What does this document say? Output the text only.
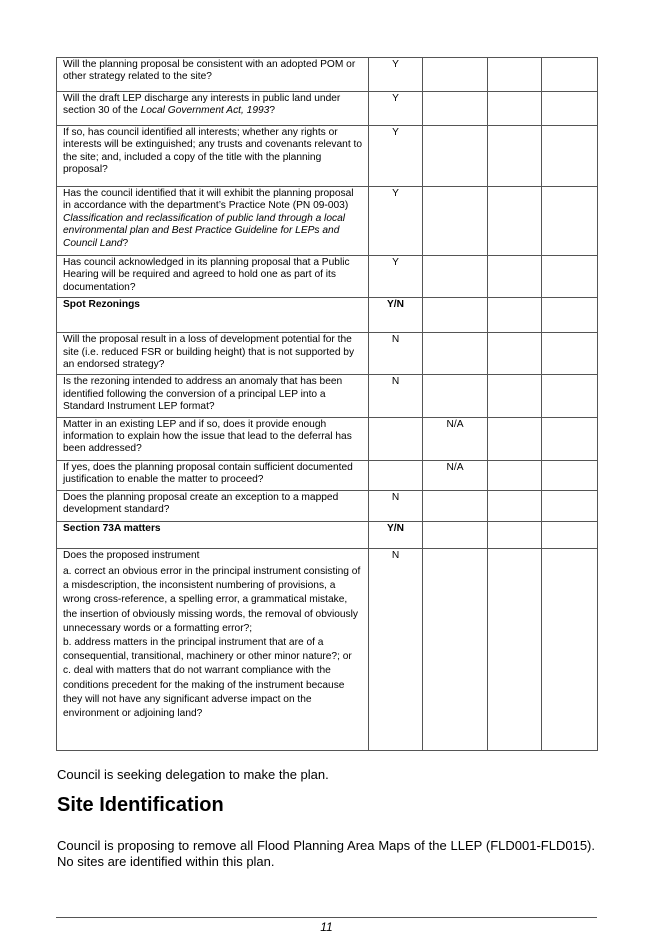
Will the planning proposal be consistent with an adopted POM or other strategy related to the site?	Y			
Will the draft LEP discharge any interests in public land under section 30 of the Local Government Act, 1993?	Y			
If so, has council identified all interests; whether any rights or interests will be extinguished; any trusts and covenants relevant to the site; and, included a copy of the title with the planning proposal?	Y			
Has the council identified that it will exhibit the planning proposal in accordance with the department’s Practice Note (PN 09-003) Classification and reclassification of public land through a local environmental plan and Best Practice Guideline for LEPs and Council Land?	Y			
Has council acknowledged in its planning proposal that a Public Hearing will be required and agreed to hold one as part of its documentation?	Y			
Spot Rezonings	Y/N			
Will the proposal result in a loss of development potential for the site (i.e. reduced FSR or building height) that is not supported by an endorsed strategy?	N			
Is the rezoning intended to address an anomaly that has been identified following the conversion of a principal LEP into a Standard Instrument LEP format?	N			
Matter in an existing LEP and if so, does it provide enough information to explain how the issue that lead to the deferral has been addressed?		N/A		
If yes, does the planning proposal contain sufficient documented justification to enable the matter to proceed?		N/A		
Does the planning proposal create an exception to a mapped development standard?	N			
Section 73A matters	Y/N			
Does the proposed instrument
a. correct an obvious error in the principal instrument consisting of a misdescription, the inconsistent numbering of provisions, a wrong cross-reference, a spelling error, a grammatical mistake, the insertion of obviously missing words, the removal of obviously unnecessary words or a formatting error?;
b. address matters in the principal instrument that are of a consequential, transitional, machinery or other minor nature?; or
c. deal with matters that do not warrant compliance with the conditions precedent for the making of the instrument because they will not have any significant adverse impact on the environment or adjoining land?	N			

Council is seeking delegation to make the plan.

Site Identification

Council is proposing to remove all Flood Planning Area Maps of the LLEP (FLD001-FLD015). No sites are identified within this plan.

11
